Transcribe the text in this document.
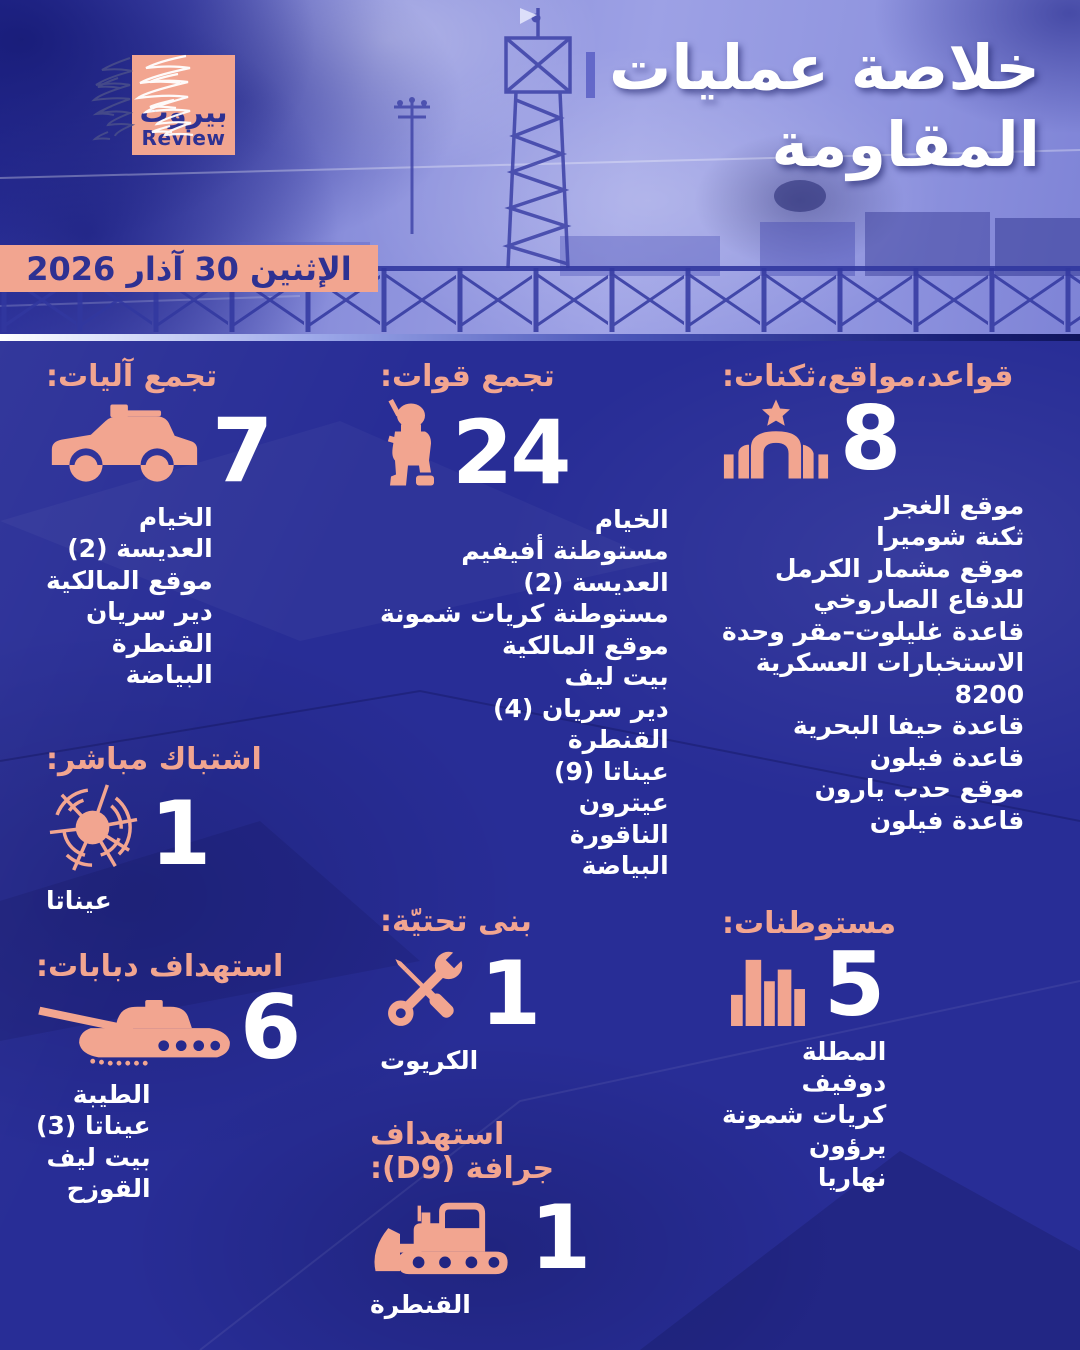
بيروت
Review
خلاصة عمليات
المقاومة
الإثنين 30 آذار 2026
تجمع آليات:
7
الخيام
العديسة (2)
موقع المالكية
دير سريان
القنطرة
البياضة
تجمع قوات:
24
الخيام
مستوطنة أفيفيم
العديسة (2)
مستوطنة كريات شمونة
موقع المالكية
بيت ليف
دير سريان (4)
القنطرة
عيناتا (9)
عيترون
الناقورة
البياضة
قواعد،مواقع،ثكنات:
8
موقع الغجر
ثكنة شوميرا
موقع مشمار الكرمل
للدفاع الصاروخي
قاعدة غليلوت–مقر وحدة
الاستخبارات العسكرية
8200
قاعدة حيفا البحرية
قاعدة فيلون
موقع حدب يارون
قاعدة فيلون
اشتباك مباشر:
1
عيناتا
بنى تحتيّة:
1
الكريوت
مستوطنات:
5
المطلة
دوفيف
كريات شمونة
يرؤون
نهاريا
استهداف دبابات:
6
الطيبة
عيناتا (3)
بيت ليف
القوزح
استهداف
جرافة (D9):
1
القنطرة
